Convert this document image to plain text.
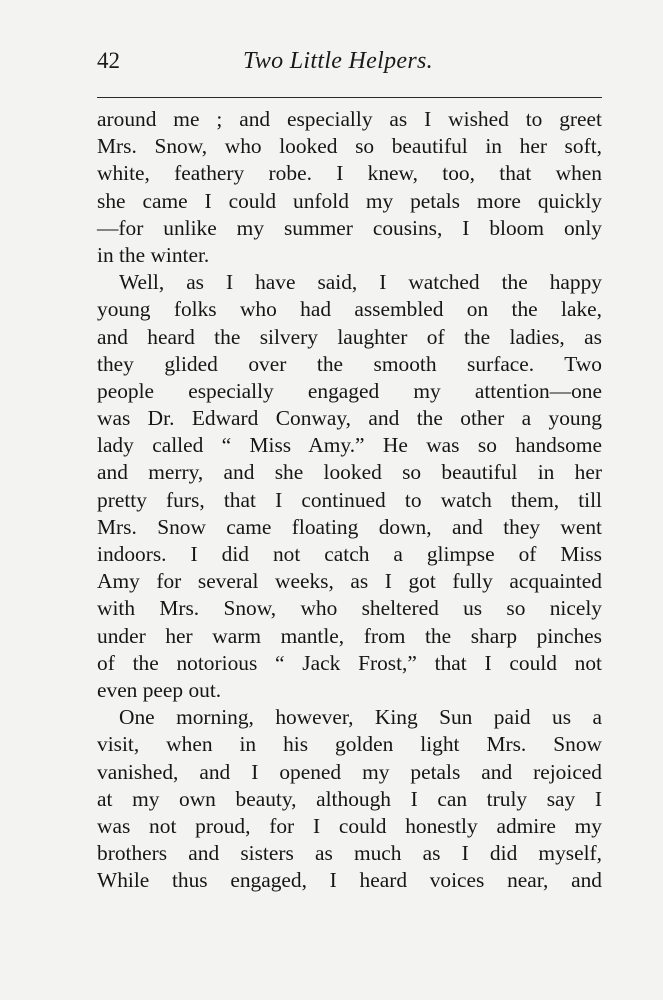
42	Two Little Helpers.
around me ; and especially as I wished to greet
Mrs. Snow, who looked so beautiful in her soft,
white, feathery robe. I knew, too, that when
she came I could unfold my petals more quickly
—for unlike my summer cousins, I bloom only
in the winter.
Well, as I have said, I watched the happy
young folks who had assembled on the lake,
and heard the silvery laughter of the ladies, as
they glided over the smooth surface. Two
people especially engaged my attention—one
was Dr. Edward Conway, and the other a young
lady called “ Miss Amy.” He was so handsome
and merry, and she looked so beautiful in her
pretty furs, that I continued to watch them, till
Mrs. Snow came floating down, and they went
indoors. I did not catch a glimpse of Miss
Amy for several weeks, as I got fully acquainted
with Mrs. Snow, who sheltered us so nicely
under her warm mantle, from the sharp pinches
of the notorious “ Jack Frost,” that I could not
even peep out.
One morning, however, King Sun paid us a
visit, when in his golden light Mrs. Snow
vanished, and I opened my petals and rejoiced
at my own beauty, although I can truly say I
was not proud, for I could honestly admire my
brothers and sisters as much as I did myself,
While thus engaged, I heard voices near, and
